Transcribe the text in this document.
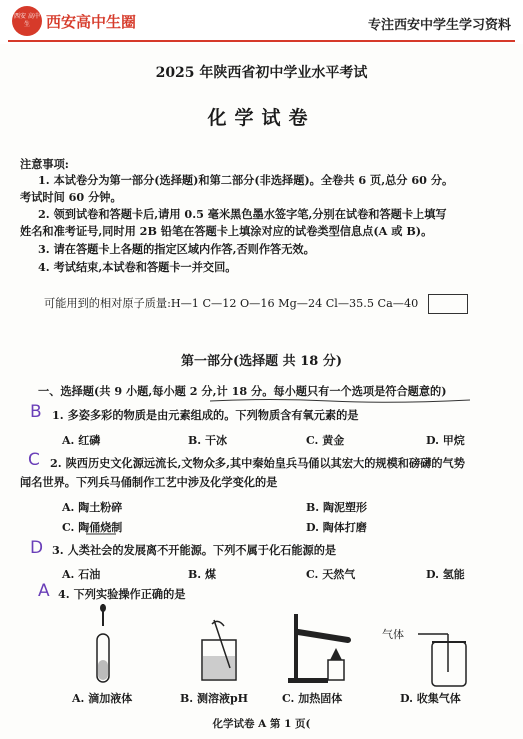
西安 高中生	西安高中生圈	专注西安中学生学习资料
2025 年陕西省初中学业水平考试
化学试卷
注意事项:
1. 本试卷分为第一部分(选择题)和第二部分(非选择题)。全卷共 6 页,总分 60 分。
考试时间 60 分钟。
2. 领到试卷和答题卡后,请用 0.5 毫米黑色墨水签字笔,分别在试卷和答题卡上填写
姓名和准考证号,同时用 2B 铅笔在答题卡上填涂对应的试卷类型信息点(A 或 B)。
3. 请在答题卡上各题的指定区域内作答,否则作答无效。
4. 考试结束,本试卷和答题卡一并交回。
可能用到的相对原子质量:H—1 C—12 O—16 Mg—24 Cl—35.5 Ca—40
第一部分(选择题 共 18 分)
一、选择题(共 9 小题,每小题 2 分,计 18 分。每小题只有一个选项是符合题意的)
B 1. 多姿多彩的物质是由元素组成的。下列物质含有氧元素的是
A. 红磷	B. 干冰	C. 黄金	D. 甲烷
C 2. 陕西历史文化源远流长,文物众多,其中秦始皇兵马俑以其宏大的规模和磅礴的气势
闻名世界。下列兵马俑制作工艺中涉及化学变化的是
A. 陶土粉碎	B. 陶泥塑形
C. 陶俑烧制	D. 陶体打磨
D 3. 人类社会的发展离不开能源。下列不属于化石能源的是
A. 石油	B. 煤	C. 天然气	D. 氢能
A 4. 下列实验操作正确的是
气体
A. 滴加液体	B. 测溶液pH	C. 加热固体	D. 收集气体
化学试卷 A 第 1 页(
